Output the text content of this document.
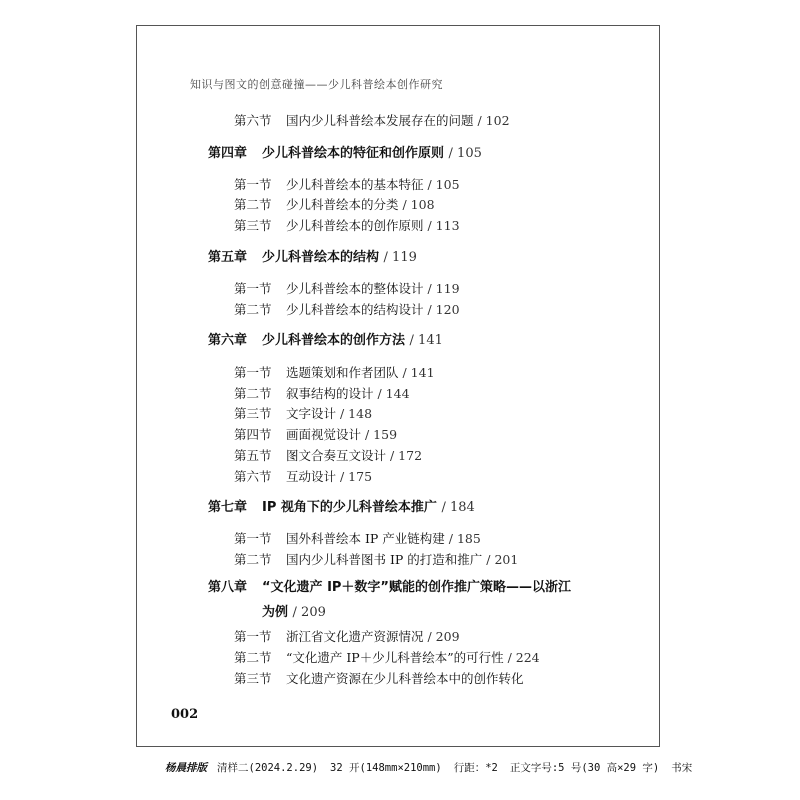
知识与图文的创意碰撞——少儿科普绘本创作研究
第六节 国内少儿科普绘本发展存在的问题 / 102
第四章 少儿科普绘本的特征和创作原则 / 105
第一节 少儿科普绘本的基本特征 / 105
第二节 少儿科普绘本的分类 / 108
第三节 少儿科普绘本的创作原则 / 113
第五章 少儿科普绘本的结构 / 119
第一节 少儿科普绘本的整体设计 / 119
第二节 少儿科普绘本的结构设计 / 120
第六章 少儿科普绘本的创作方法 / 141
第一节 选题策划和作者团队 / 141
第二节 叙事结构的设计 / 144
第三节 文字设计 / 148
第四节 画面视觉设计 / 159
第五节 图文合奏互文设计 / 172
第六节 互动设计 / 175
第七章 IP 视角下的少儿科普绘本推广 / 184
第一节 国外科普绘本 IP 产业链构建 / 185
第二节 国内少儿科普图书 IP 的打造和推广 / 201
第八章 “文化遗产 IP＋数字”赋能的创作推广策略——以浙江
为例 / 209
第一节 浙江省文化遗产资源情况 / 209
第二节 “文化遗产 IP＋少儿科普绘本”的可行性 / 224
第三节 文化遗产资源在少儿科普绘本中的创作转化
002
杨晨排版 清样二(2024.2.29) 32 开(148mm×210mm) 行距：*2 正文字号:5 号(30 高×29 字) 书宋
